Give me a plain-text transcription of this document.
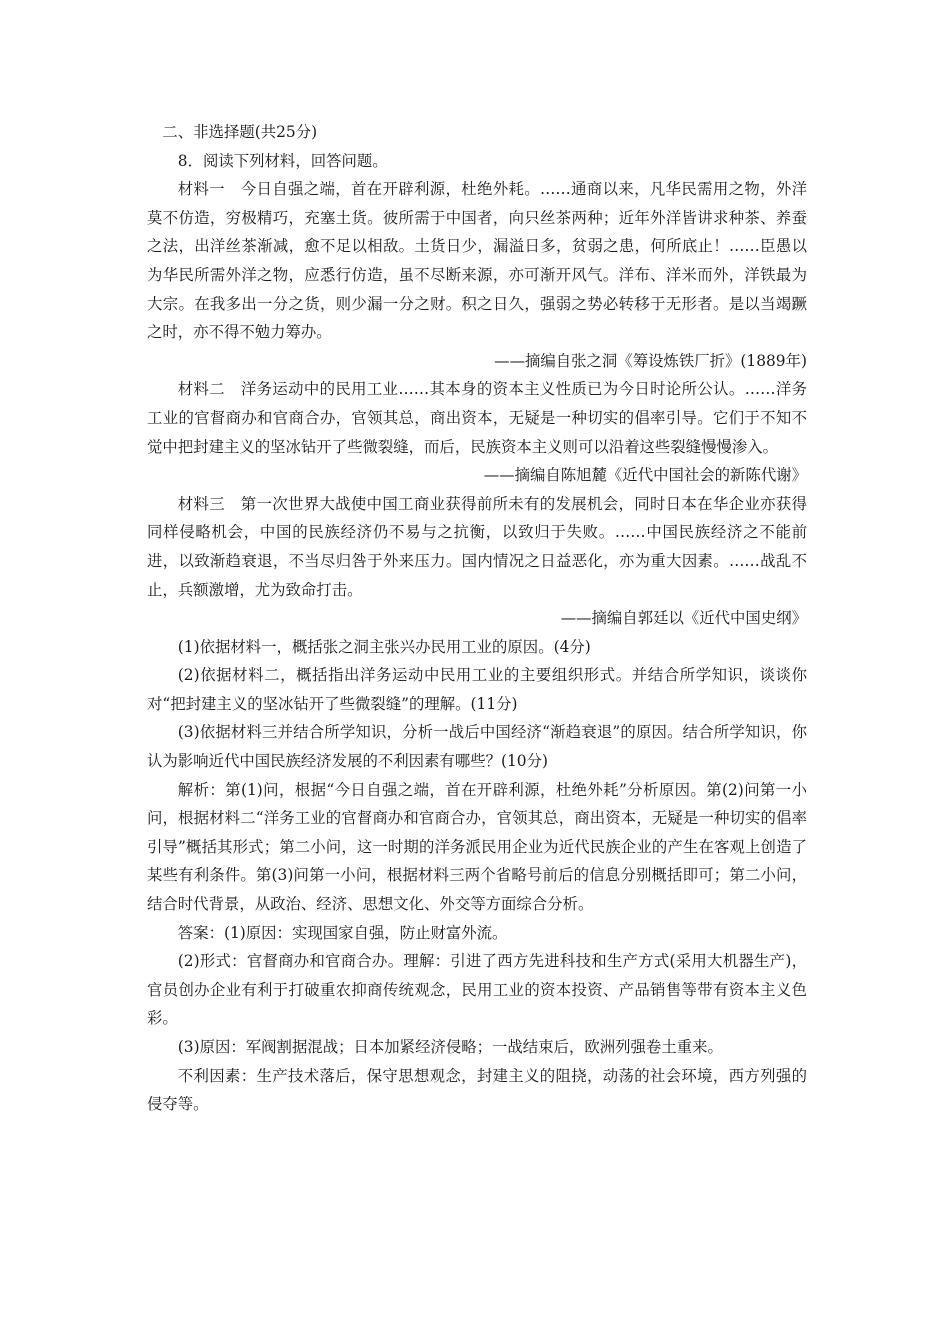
二、非选择题(共25分)

8．阅读下列材料，回答问题。

材料一　今日自强之端，首在开辟利源，杜绝外耗。……通商以来，凡华民需用之物，外洋莫不仿造，穷极精巧，充塞土货。彼所需于中国者，向只丝茶两种；近年外洋皆讲求种茶、养蚕之法，出洋丝茶渐减，愈不足以相敌。土货日少，漏溢日多，贫弱之患，何所底止！……臣愚以为华民所需外洋之物，应悉行仿造，虽不尽断来源，亦可渐开风气。洋布、洋米而外，洋铁最为大宗。在我多出一分之货，则少漏一分之财。积之日久，强弱之势必转移于无形者。是以当竭蹶之时，亦不得不勉力筹办。

——摘编自张之洞《筹设炼铁厂折》(1889年)

材料二　洋务运动中的民用工业……其本身的资本主义性质已为今日时论所公认。……洋务工业的官督商办和官商合办，官领其总，商出资本，无疑是一种切实的倡率引导。它们于不知不觉中把封建主义的坚冰钻开了些微裂缝，而后，民族资本主义则可以沿着这些裂缝慢慢渗入。

——摘编自陈旭麓《近代中国社会的新陈代谢》

材料三　第一次世界大战使中国工商业获得前所未有的发展机会，同时日本在华企业亦获得同样侵略机会，中国的民族经济仍不易与之抗衡，以致归于失败。……中国民族经济之不能前进，以致渐趋衰退，不当尽归咎于外来压力。国内情况之日益恶化，亦为重大因素。……战乱不止，兵额激增，尤为致命打击。

——摘编自郭廷以《近代中国史纲》

(1)依据材料一，概括张之洞主张兴办民用工业的原因。(4分)

(2)依据材料二，概括指出洋务运动中民用工业的主要组织形式。并结合所学知识，谈谈你对“把封建主义的坚冰钻开了些微裂缝”的理解。(11分)

(3)依据材料三并结合所学知识，分析一战后中国经济“渐趋衰退”的原因。结合所学知识，你认为影响近代中国民族经济发展的不利因素有哪些？(10分)

解析：第(1)问，根据“今日自强之端，首在开辟利源，杜绝外耗”分析原因。第(2)问第一小问，根据材料二“洋务工业的官督商办和官商合办，官领其总，商出资本，无疑是一种切实的倡率引导”概括其形式；第二小问，这一时期的洋务派民用企业为近代民族企业的产生在客观上创造了某些有利条件。第(3)问第一小问，根据材料三两个省略号前后的信息分别概括即可；第二小问，结合时代背景，从政治、经济、思想文化、外交等方面综合分析。

答案：(1)原因：实现国家自强，防止财富外流。

(2)形式：官督商办和官商合办。理解：引进了西方先进科技和生产方式(采用大机器生产)，官员创办企业有利于打破重农抑商传统观念，民用工业的资本投资、产品销售等带有资本主义色彩。

(3)原因：军阀割据混战；日本加紧经济侵略；一战结束后，欧洲列强卷土重来。

不利因素：生产技术落后，保守思想观念，封建主义的阻挠，动荡的社会环境，西方列强的侵夺等。
